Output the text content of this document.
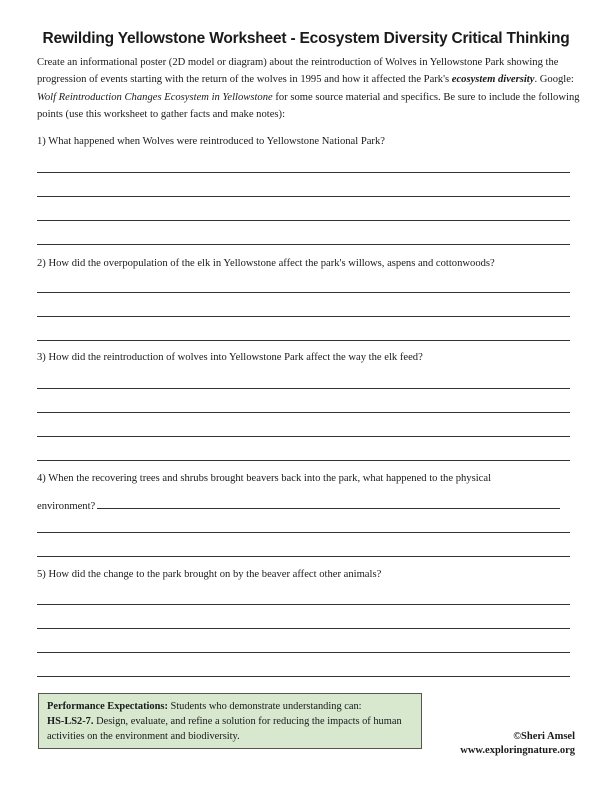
Rewilding Yellowstone Worksheet - Ecosystem Diversity Critical Thinking

Create an informational poster (2D model or diagram) about the reintroduction of Wolves in Yellowstone Park showing the progression of events starting with the return of the wolves in 1995 and how it affected the Park's ecosystem diversity. Google: Wolf Reintroduction Changes Ecosystem in Yellowstone for some source material and specifics. Be sure to include the following points (use this worksheet to gather facts and make notes):

1) What happened when Wolves were reintroduced to Yellowstone National Park?

2) How did the overpopulation of the elk in Yellowstone affect the park's willows, aspens and cottonwoods?

3) How did the reintroduction of wolves into Yellowstone Park affect the way the elk feed?

4) When the recovering trees and shrubs brought beavers back into the park, what happened to the physical

environment?

5) How did the change to the park brought on by the beaver affect other animals?

Performance Expectations: Students who demonstrate understanding can:
HS-LS2-7. Design, evaluate, and refine a solution for reducing the impacts of human activities on the environment and biodiversity.	©Sheri Amsel
www.exploringnature.org
